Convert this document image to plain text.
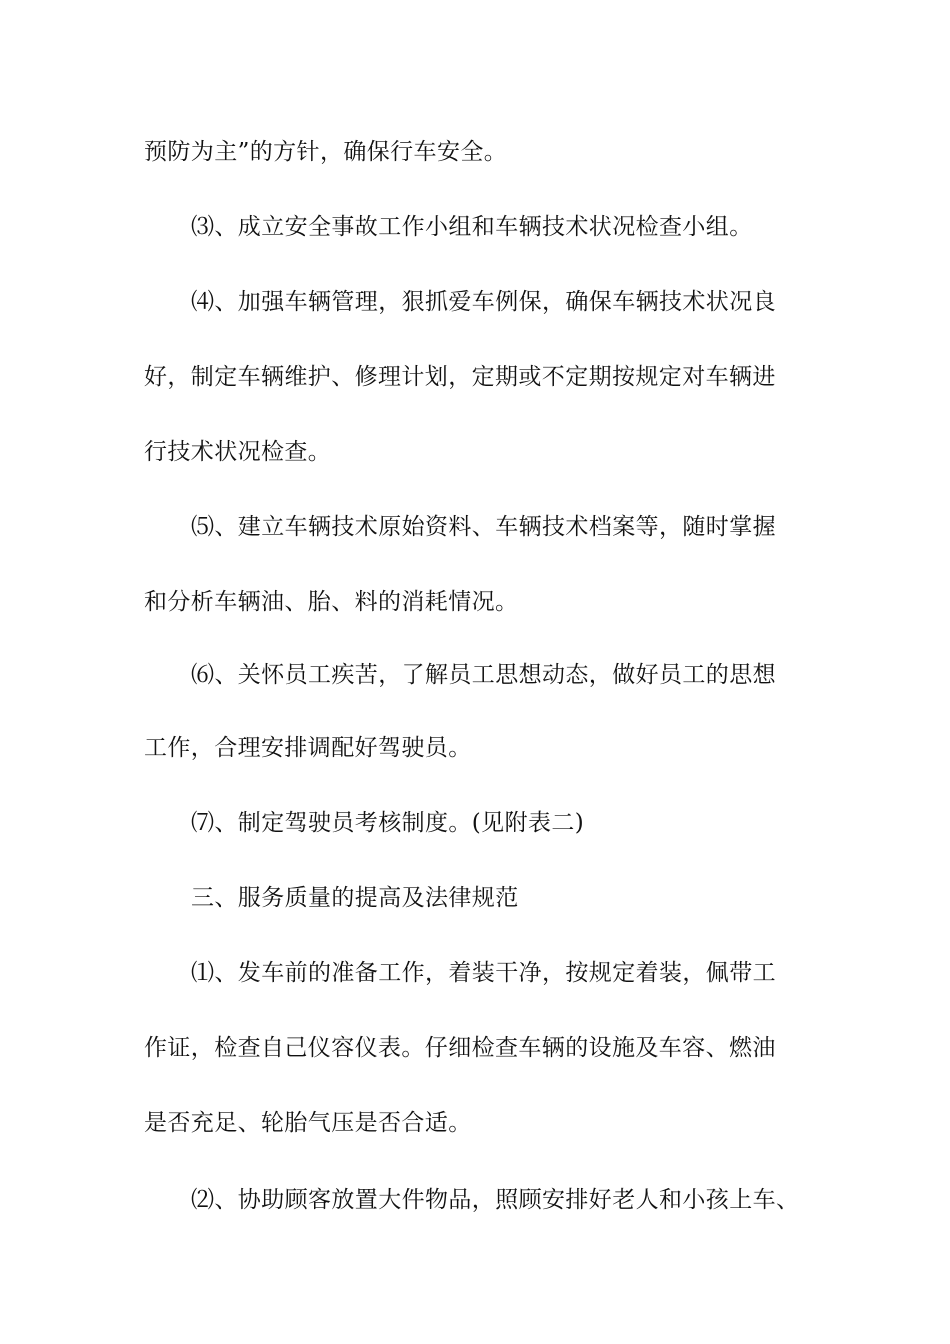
预防为主”的方针，确保行车安全。
⑶、成立安全事故工作小组和车辆技术状况检查小组。
⑷、加强车辆管理，狠抓爱车例保，确保车辆技术状况良
好，制定车辆维护、修理计划，定期或不定期按规定对车辆进
行技术状况检查。
⑸、建立车辆技术原始资料、车辆技术档案等，随时掌握
和分析车辆油、胎、料的消耗情况。
⑹、关怀员工疾苦，了解员工思想动态，做好员工的思想
工作，合理安排调配好驾驶员。
⑺、制定驾驶员考核制度。(见附表二)
三、服务质量的提高及法律规范
⑴、发车前的准备工作，着装干净，按规定着装，佩带工
作证，检查自己仪容仪表。仔细检查车辆的设施及车容、燃油
是否充足、轮胎气压是否合适。
⑵、协助顾客放置大件物品，照顾安排好老人和小孩上车、
